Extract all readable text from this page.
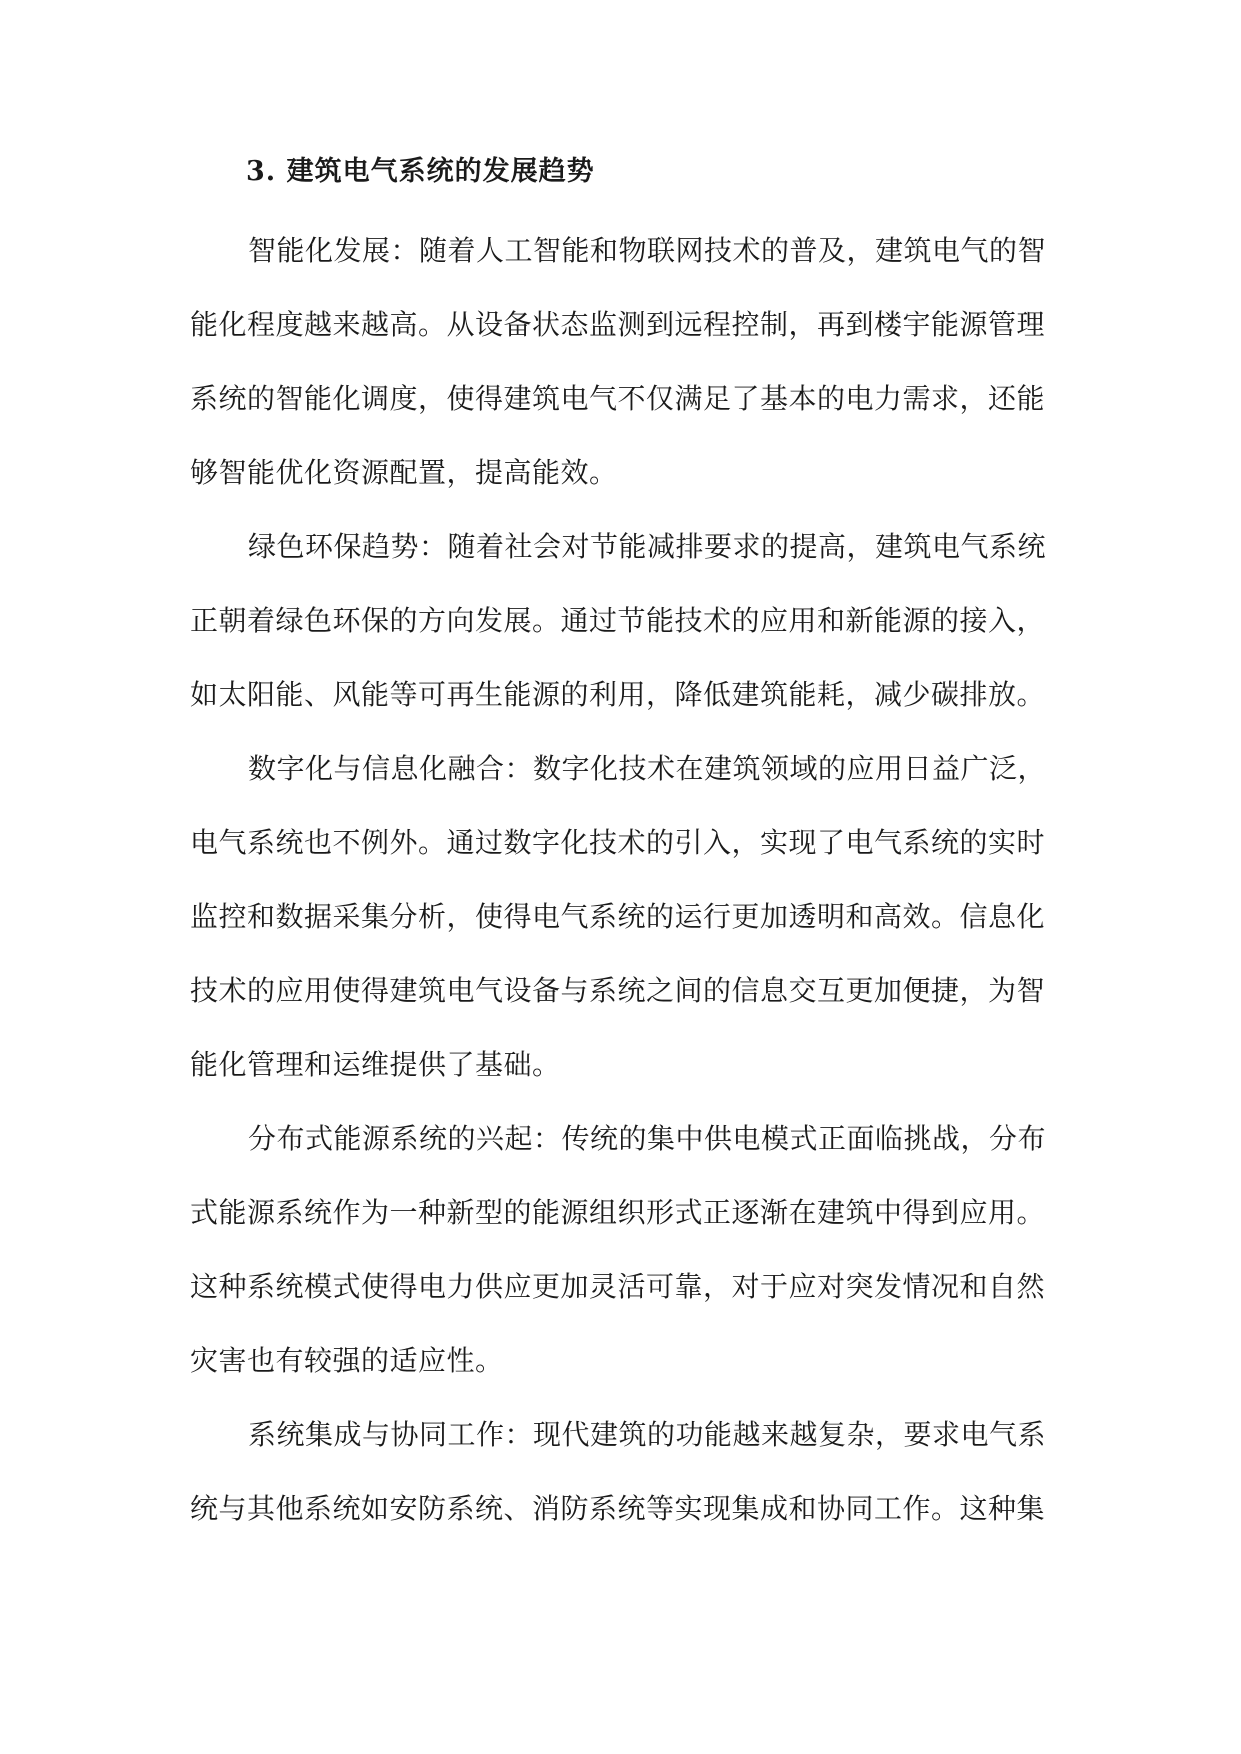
3. 建筑电气系统的发展趋势
智能化发展：随着人工智能和物联网技术的普及，建筑电气的智
能化程度越来越高。从设备状态监测到远程控制，再到楼宇能源管理
系统的智能化调度，使得建筑电气不仅满足了基本的电力需求，还能
够智能优化资源配置，提高能效。
绿色环保趋势：随着社会对节能减排要求的提高，建筑电气系统
正朝着绿色环保的方向发展。通过节能技术的应用和新能源的接入，
如太阳能、风能等可再生能源的利用，降低建筑能耗，减少碳排放。
数字化与信息化融合：数字化技术在建筑领域的应用日益广泛，
电气系统也不例外。通过数字化技术的引入，实现了电气系统的实时
监控和数据采集分析，使得电气系统的运行更加透明和高效。信息化
技术的应用使得建筑电气设备与系统之间的信息交互更加便捷，为智
能化管理和运维提供了基础。
分布式能源系统的兴起：传统的集中供电模式正面临挑战，分布
式能源系统作为一种新型的能源组织形式正逐渐在建筑中得到应用。
这种系统模式使得电力供应更加灵活可靠，对于应对突发情况和自然
灾害也有较强的适应性。
系统集成与协同工作：现代建筑的功能越来越复杂，要求电气系
统与其他系统如安防系统、消防系统等实现集成和协同工作。这种集
